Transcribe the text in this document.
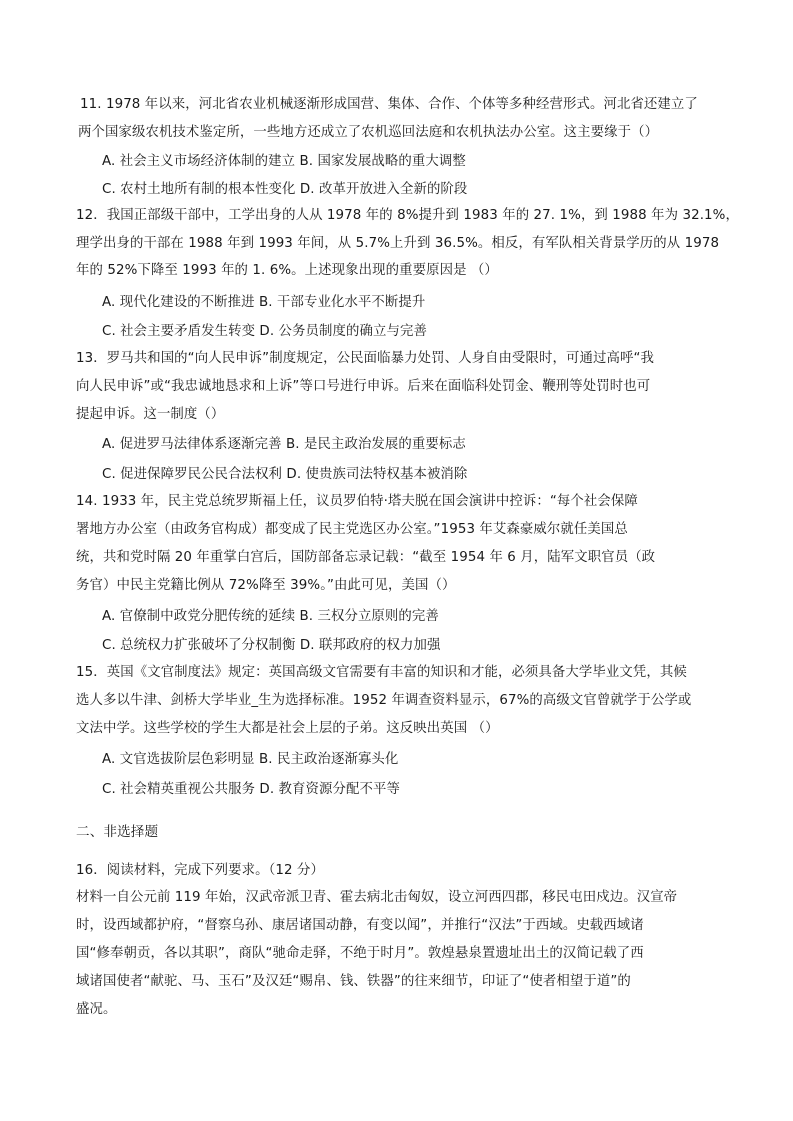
11. 1978 年以来，河北省农业机械逐渐形成国营、集体、合作、个体等多种经营形式。河北省还建立了
两个国家级农机技术鉴定所，一些地方还成立了农机巡回法庭和农机执法办公室。这主要缘于（）
A. 社会主义市场经济体制的建立 B. 国家发展战略的重大调整
C. 农村土地所有制的根本性变化 D. 改革开放进入全新的阶段
12．我国正部级干部中，工学出身的人从 1978 年的 8%提升到 1983 年的 27. 1%，到 1988 年为 32.1%，
理学出身的干部在 1988 年到 1993 年间，从 5.7%上升到 36.5%。相反，有军队相关背景学历的从 1978
年的 52%下降至 1993 年的 1. 6%。上述现象出现的重要原因是 （）
A. 现代化建设的不断推进 B. 干部专业化水平不断提升
C. 社会主要矛盾发生转变 D. 公务员制度的确立与完善
13．罗马共和国的“向人民申诉”制度规定，公民面临暴力处罚、人身自由受限时，可通过高呼“我
向人民申诉”或“我忠诚地恳求和上诉”等口号进行申诉。后来在面临科处罚金、鞭刑等处罚时也可
提起申诉。这一制度（）
A. 促进罗马法律体系逐渐完善 B. 是民主政治发展的重要标志
C. 促进保障罗民公民合法权利 D. 使贵族司法特权基本被消除
14. 1933 年，民主党总统罗斯福上任，议员罗伯特·塔夫脱在国会演讲中控诉：“每个社会保障
署地方办公室（由政务官构成）都变成了民主党选区办公室。”1953 年艾森豪威尔就任美国总
统，共和党时隔 20 年重掌白宫后，国防部备忘录记载：“截至 1954 年 6 月，陆军文职官员（政
务官）中民主党籍比例从 72%降至 39%。”由此可见，美国（）
A. 官僚制中政党分肥传统的延续 B. 三权分立原则的完善
C. 总统权力扩张破坏了分权制衡 D. 联邦政府的权力加强
15．英国《文官制度法》规定：英国高级文官需要有丰富的知识和才能，必须具备大学毕业文凭，其候
选人多以牛津、剑桥大学毕业_生为选择标准。1952 年调查资料显示，67%的高级文官曾就学于公学或
文法中学。这些学校的学生大都是社会上层的子弟。这反映出英国 （）
A. 文官选拔阶层色彩明显 B. 民主政治逐渐寡头化
C. 社会精英重视公共服务 D. 教育资源分配不平等
二、非选择题
16．阅读材料，完成下列要求。（12 分）
材料一自公元前 119 年始，汉武帝派卫青、霍去病北击匈奴，设立河西四郡，移民屯田戍边。汉宣帝
时，设西域都护府，“督察乌孙、康居诸国动静，有变以闻”，并推行“汉法”于西域。史载西域诸
国“修奉朝贡，各以其职”，商队“驰命走驿，不绝于时月”。敦煌悬泉置遗址出土的汉简记载了西
域诸国使者“献驼、马、玉石”及汉廷“赐帛、钱、铁器”的往来细节，印证了“使者相望于道”的
盛况。
